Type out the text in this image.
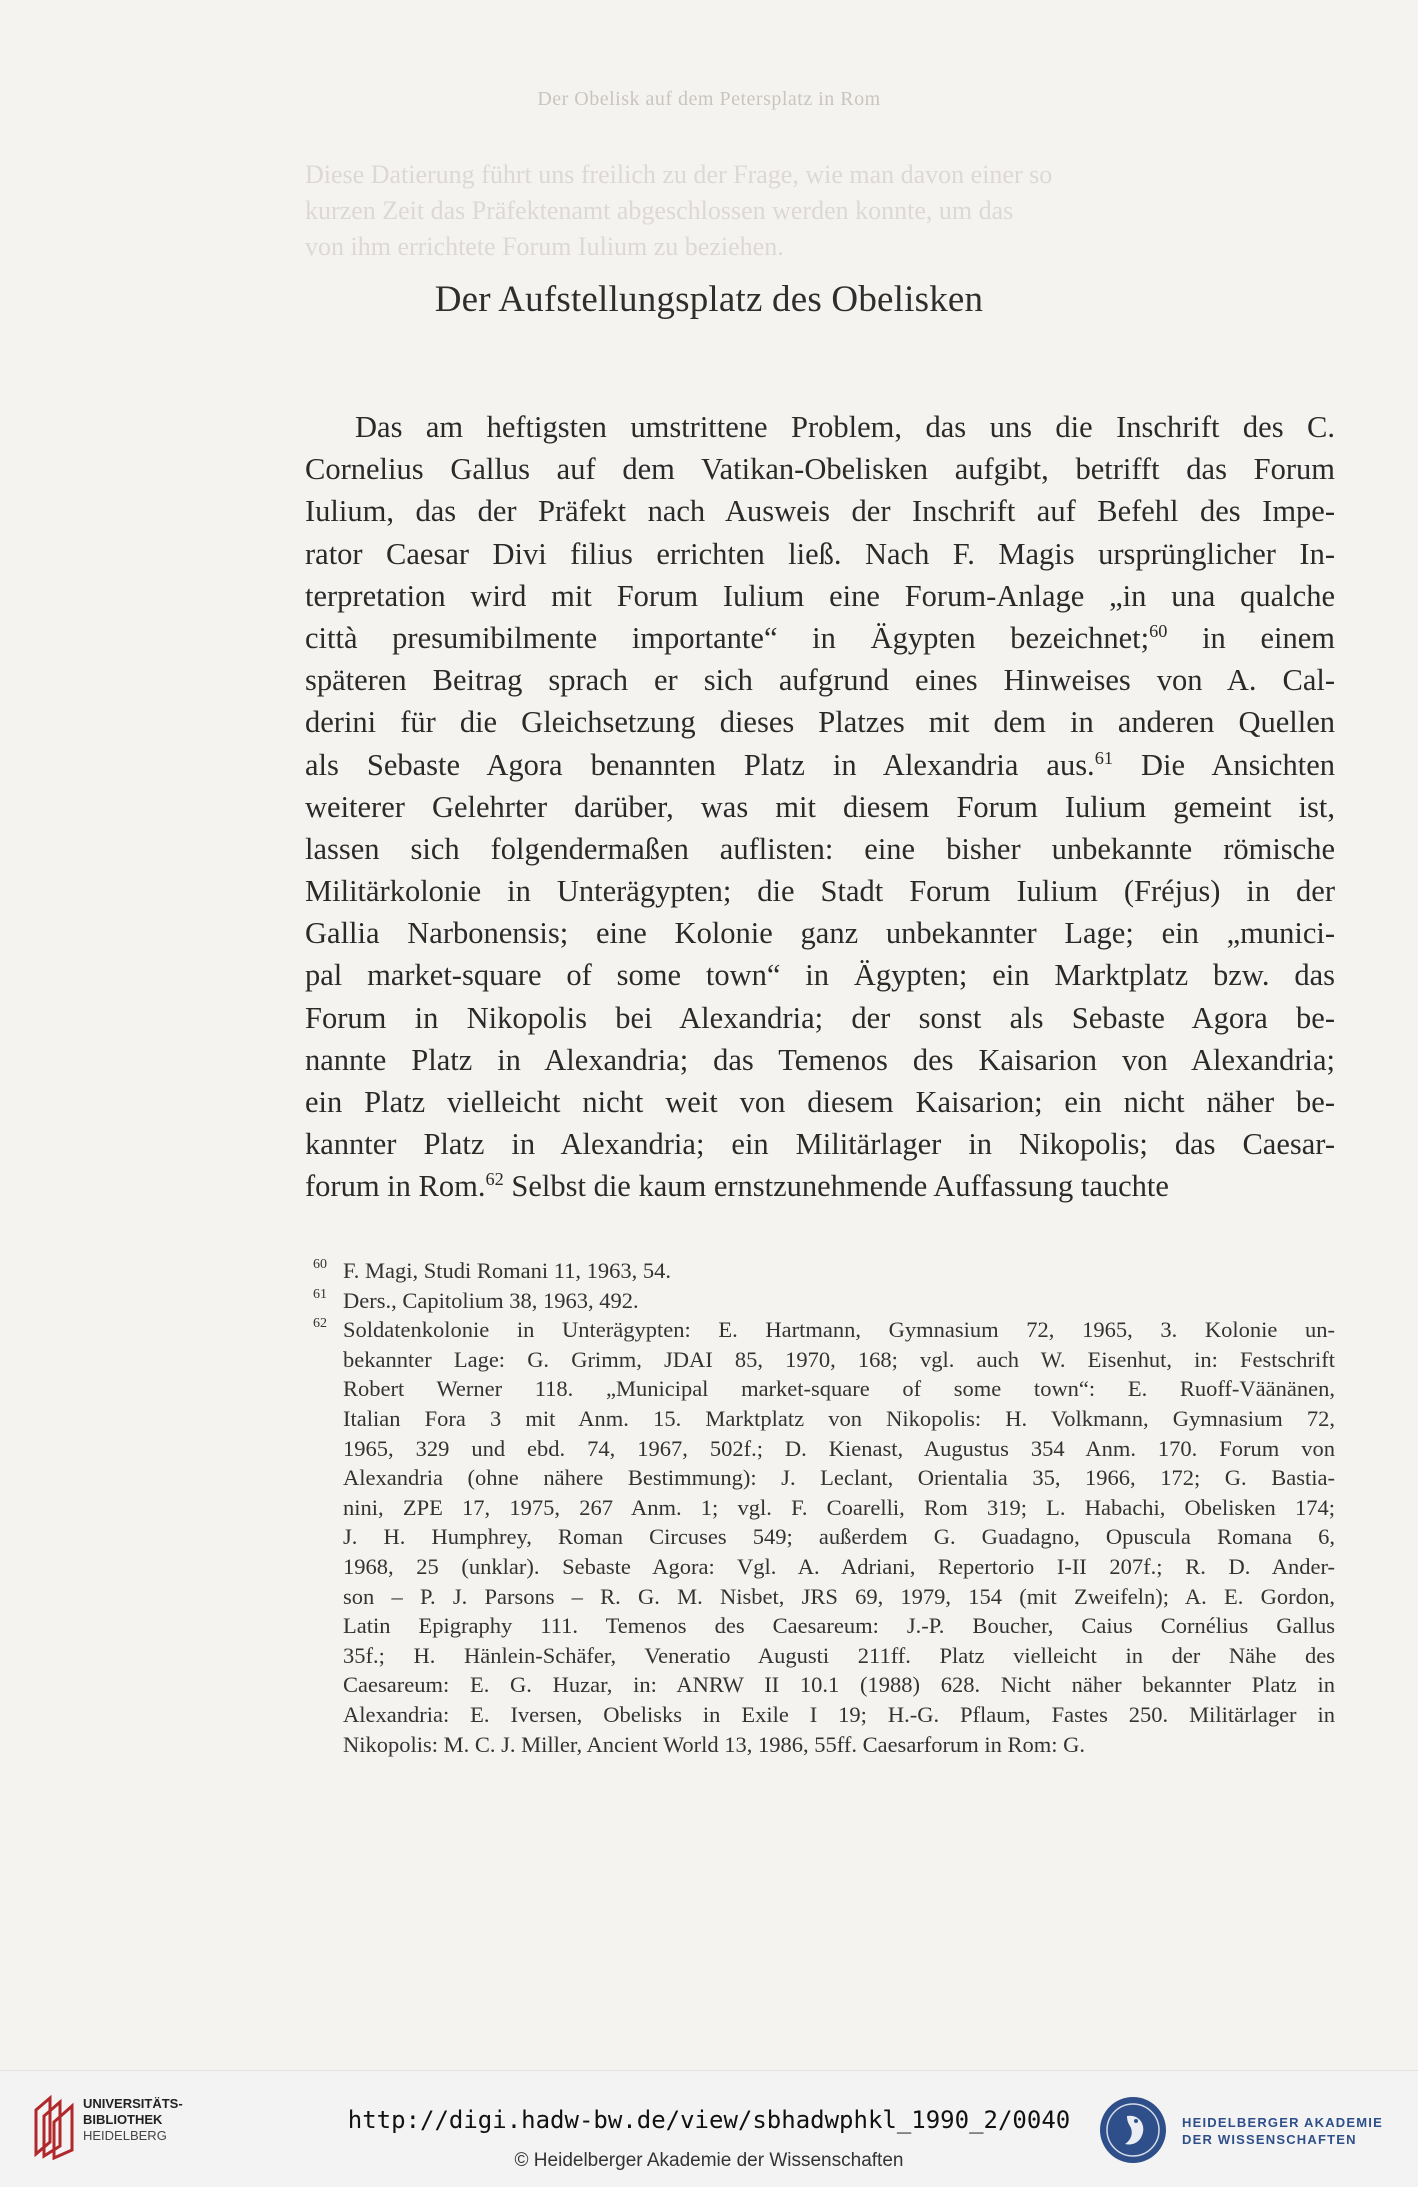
Der Obelisk auf dem Petersplatz in Rom
Diese Datierung führt uns freilich zu der Frage, wie man davon einer so
kurzen Zeit das Präfektenamt abgeschlossen werden konnte, um das
von ihm errichtete Forum Iulium zu beziehen.
Der Aufstellungsplatz des Obelisken
Das am heftigsten umstrittene Problem, das uns die Inschrift des C.
Cornelius Gallus auf dem Vatikan-Obelisken aufgibt, betrifft das Forum
Iulium, das der Präfekt nach Ausweis der Inschrift auf Befehl des Impe-
rator Caesar Divi filius errichten ließ. Nach F. Magis ursprünglicher In-
terpretation wird mit Forum Iulium eine Forum-Anlage „in una qualche
città presumibilmente importante“ in Ägypten bezeichnet;$^{60}$ in einem
späteren Beitrag sprach er sich aufgrund eines Hinweises von A. Cal-
derini für die Gleichsetzung dieses Platzes mit dem in anderen Quellen
als Sebaste Agora benannten Platz in Alexandria aus.$^{61}$ Die Ansichten
weiterer Gelehrter darüber, was mit diesem Forum Iulium gemeint ist,
lassen sich folgendermaßen auflisten: eine bisher unbekannte römische
Militärkolonie in Unterägypten; die Stadt Forum Iulium (Fréjus) in der
Gallia Narbonensis; eine Kolonie ganz unbekannter Lage; ein „munici-
pal market-square of some town“ in Ägypten; ein Marktplatz bzw. das
Forum in Nikopolis bei Alexandria; der sonst als Sebaste Agora be-
nannte Platz in Alexandria; das Temenos des Kaisarion von Alexandria;
ein Platz vielleicht nicht weit von diesem Kaisarion; ein nicht näher be-
kannter Platz in Alexandria; ein Militärlager in Nikopolis; das Caesar-
forum in Rom.$^{62}$ Selbst die kaum ernstzunehmende Auffassung tauchte
60 F. Magi, Studi Romani 11, 1963, 54.
61 Ders., Capitolium 38, 1963, 492.
62 Soldatenkolonie in Unterägypten: E. Hartmann, Gymnasium 72, 1965, 3. Kolonie un-
bekannter Lage: G. Grimm, JDAI 85, 1970, 168; vgl. auch W. Eisenhut, in: Festschrift
Robert Werner 118. „Municipal market-square of some town“: E. Ruoff-Väänänen,
Italian Fora 3 mit Anm. 15. Marktplatz von Nikopolis: H. Volkmann, Gymnasium 72,
1965, 329 und ebd. 74, 1967, 502f.; D. Kienast, Augustus 354 Anm. 170. Forum von
Alexandria (ohne nähere Bestimmung): J. Leclant, Orientalia 35, 1966, 172; G. Bastia-
nini, ZPE 17, 1975, 267 Anm. 1; vgl. F. Coarelli, Rom 319; L. Habachi, Obelisken 174;
J. H. Humphrey, Roman Circuses 549; außerdem G. Guadagno, Opuscula Romana 6,
1968, 25 (unklar). Sebaste Agora: Vgl. A. Adriani, Repertorio I-II 207f.; R. D. Ander-
son – P. J. Parsons – R. G. M. Nisbet, JRS 69, 1979, 154 (mit Zweifeln); A. E. Gordon,
Latin Epigraphy 111. Temenos des Caesareum: J.-P. Boucher, Caius Cornélius Gallus
35f.; H. Hänlein-Schäfer, Veneratio Augusti 211ff. Platz vielleicht in der Nähe des
Caesareum: E. G. Huzar, in: ANRW II 10.1 (1988) 628. Nicht näher bekannter Platz in
Alexandria: E. Iversen, Obelisks in Exile I 19; H.-G. Pflaum, Fastes 250. Militärlager in
Nikopolis: M. C. J. Miller, Ancient World 13, 1986, 55ff. Caesarforum in Rom: G.
UNIVERSITÄTS-
BIBLIOTHEK
HEIDELBERG
http://digi.hadw-bw.de/view/sbhadwphkl_1990_2/0040
© Heidelberger Akademie der Wissenschaften
HEIDELBERGER AKADEMIE
DER WISSENSCHAFTEN
